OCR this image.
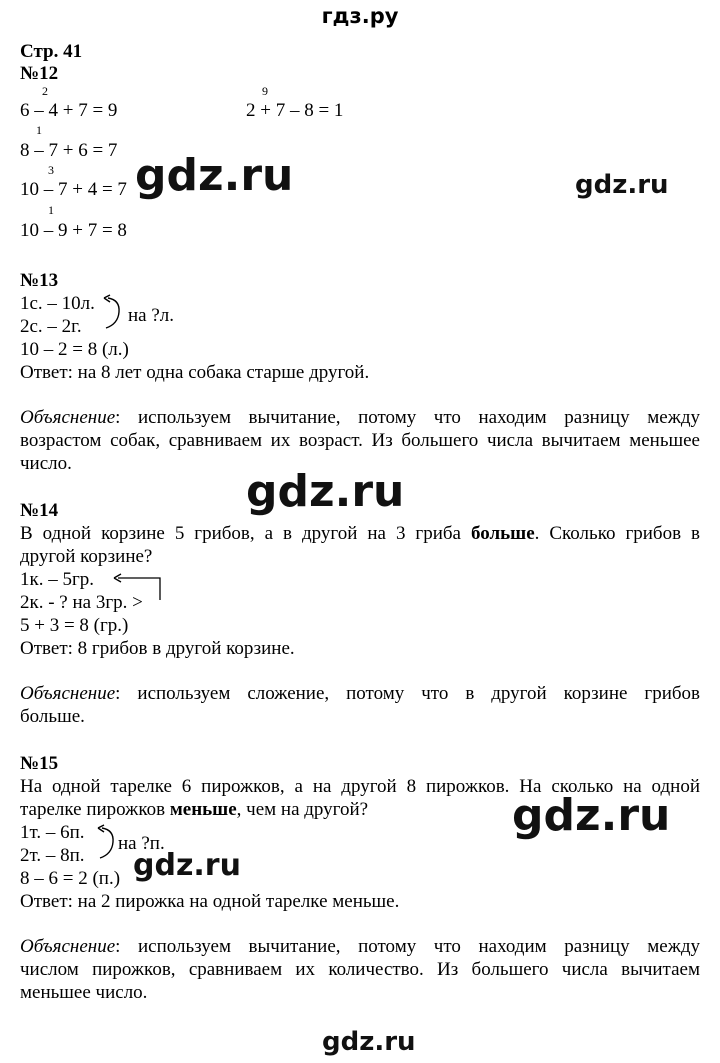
гдз.ру
Стр. 41
№12
2
6 – 4 + 7 = 9
9
2 + 7 – 8 = 1
1
8 – 7 + 6 = 7
3
10 – 7 + 4 = 7
1
10 – 9 + 7 = 8
№13
1с. – 10л.
2с. – 2г.
на ?л.
10 – 2 = 8 (л.)
Ответ: на 8 лет одна собака старше другой.
Объяснение: используем вычитание, потому что находим разницу между
возрастом собак, сравниваем их возраст. Из большего числа вычитаем меньшее
число.
№14
В одной корзине 5 грибов, а в другой на 3 гриба больше. Сколько грибов в
другой корзине?
1к. – 5гр.
2к. - ? на 3гр. >
5 + 3 = 8 (гр.)
Ответ: 8 грибов в другой корзине.
Объяснение: используем сложение, потому что в другой корзине грибов
больше.
№15
На одной тарелке 6 пирожков, а на другой 8 пирожков. На сколько на одной
тарелке пирожков меньше, чем на другой?
1т. – 6п.
2т. – 8п.
на ?п.
8 – 6 = 2 (п.)
Ответ: на 2 пирожка на одной тарелке меньше.
Объяснение: используем вычитание, потому что находим разницу между
числом пирожков, сравниваем их количество. Из большего числа вычитаем
меньшее число.
gdz.ru	gdz.ru
gdz.ru
gdz.ru
gdz.ru
gdz.ru
